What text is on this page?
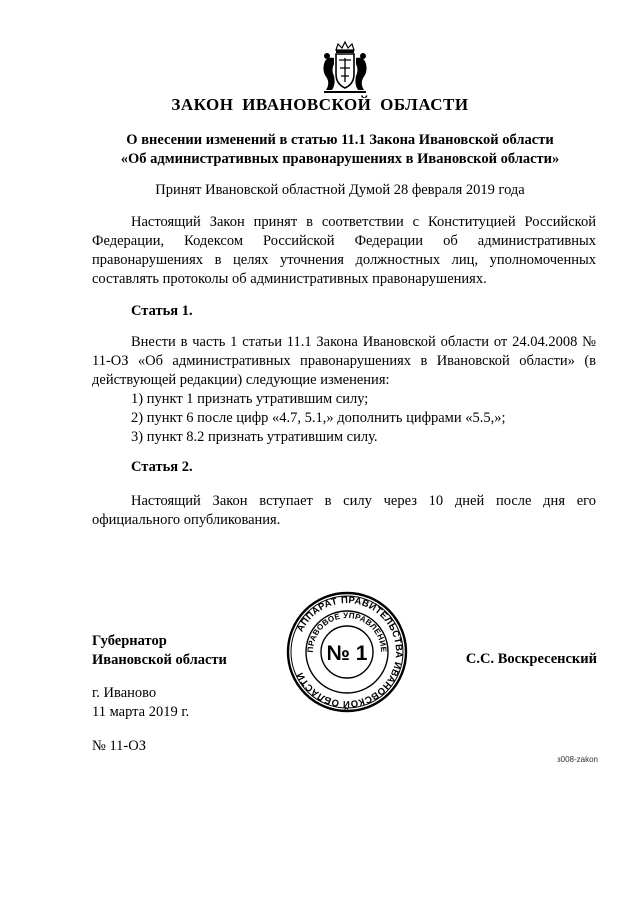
ЗАКОН ИВАНОВСКОЙ ОБЛАСТИ
О внесении изменений в статью 11.1 Закона Ивановской области
«Об административных правонарушениях в Ивановской области»
Принят Ивановской областной Думой 28 февраля 2019 года
Настоящий Закон принят в соответствии с Конституцией Российской Федерации, Кодексом Российской Федерации об административных правонарушениях в целях уточнения должностных лиц, уполномоченных составлять протоколы об административных правонарушениях.
Статья 1.
Внести в часть 1 статьи 11.1 Закона Ивановской области от 24.04.2008 № 11-ОЗ «Об административных правонарушениях в Ивановской области» (в действующей редакции) следующие изменения:
1) пункт 1 признать утратившим силу;
2) пункт 6 после цифр «4.7, 5.1,» дополнить цифрами «5.5,»;
3) пункт 8.2 признать утратившим силу.
Статья 2.
Настоящий Закон вступает в силу через 10 дней после дня его официального опубликования.
АППАРАТ ПРАВИТЕЛЬСТВА ИВАНОВСКОЙ ОБЛАСТИ
ПРАВОВОЕ УПРАВЛЕНИЕ
№ 1
Губернатор
Ивановской области	С.С. Воскресенский
г. Иваново
11 марта 2019 г.
№ 11-ОЗ
з008-zakon
